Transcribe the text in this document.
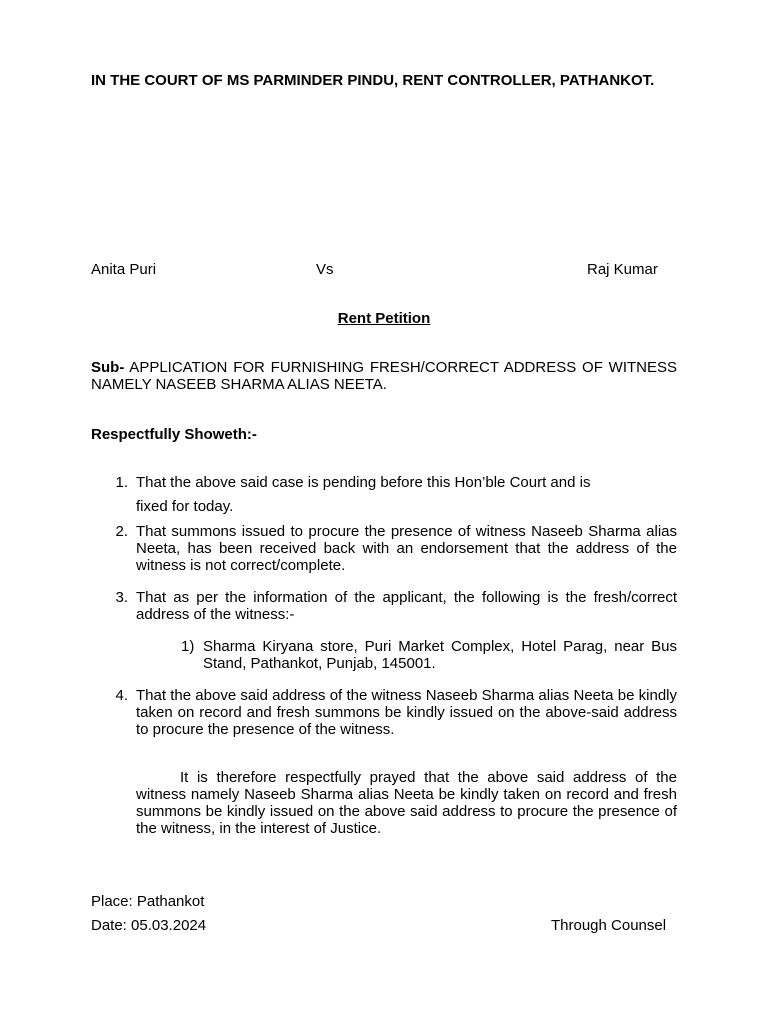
IN THE COURT OF MS PARMINDER PINDU, RENT CONTROLLER, PATHANKOT.
Anita Puri	Vs	Raj Kumar
Rent Petition
Sub- APPLICATION FOR FURNISHING FRESH/CORRECT ADDRESS OF WITNESS NAMELY NASEEB SHARMA ALIAS NEETA.
Respectfully Showeth:-
1. That the above said case is pending before this Hon’ble Court and is
fixed for today.
2. That summons issued to procure the presence of witness Naseeb Sharma alias Neeta, has been received back with an endorsement that the address of the witness is not correct/complete.
3. That as per the information of the applicant, the following is the fresh/correct address of the witness:-
1) Sharma Kiryana store, Puri Market Complex, Hotel Parag, near Bus Stand, Pathankot, Punjab, 145001.
4. That the above said address of the witness Naseeb Sharma alias Neeta be kindly taken on record and fresh summons be kindly issued on the above-said address to procure the presence of the witness.
It is therefore respectfully prayed that the above said address of the witness namely Naseeb Sharma alias Neeta be kindly taken on record and fresh summons be kindly issued on the above said address to procure the presence of the witness, in the interest of Justice.
Place: Pathankot
Date: 05.03.2024	Through Counsel
